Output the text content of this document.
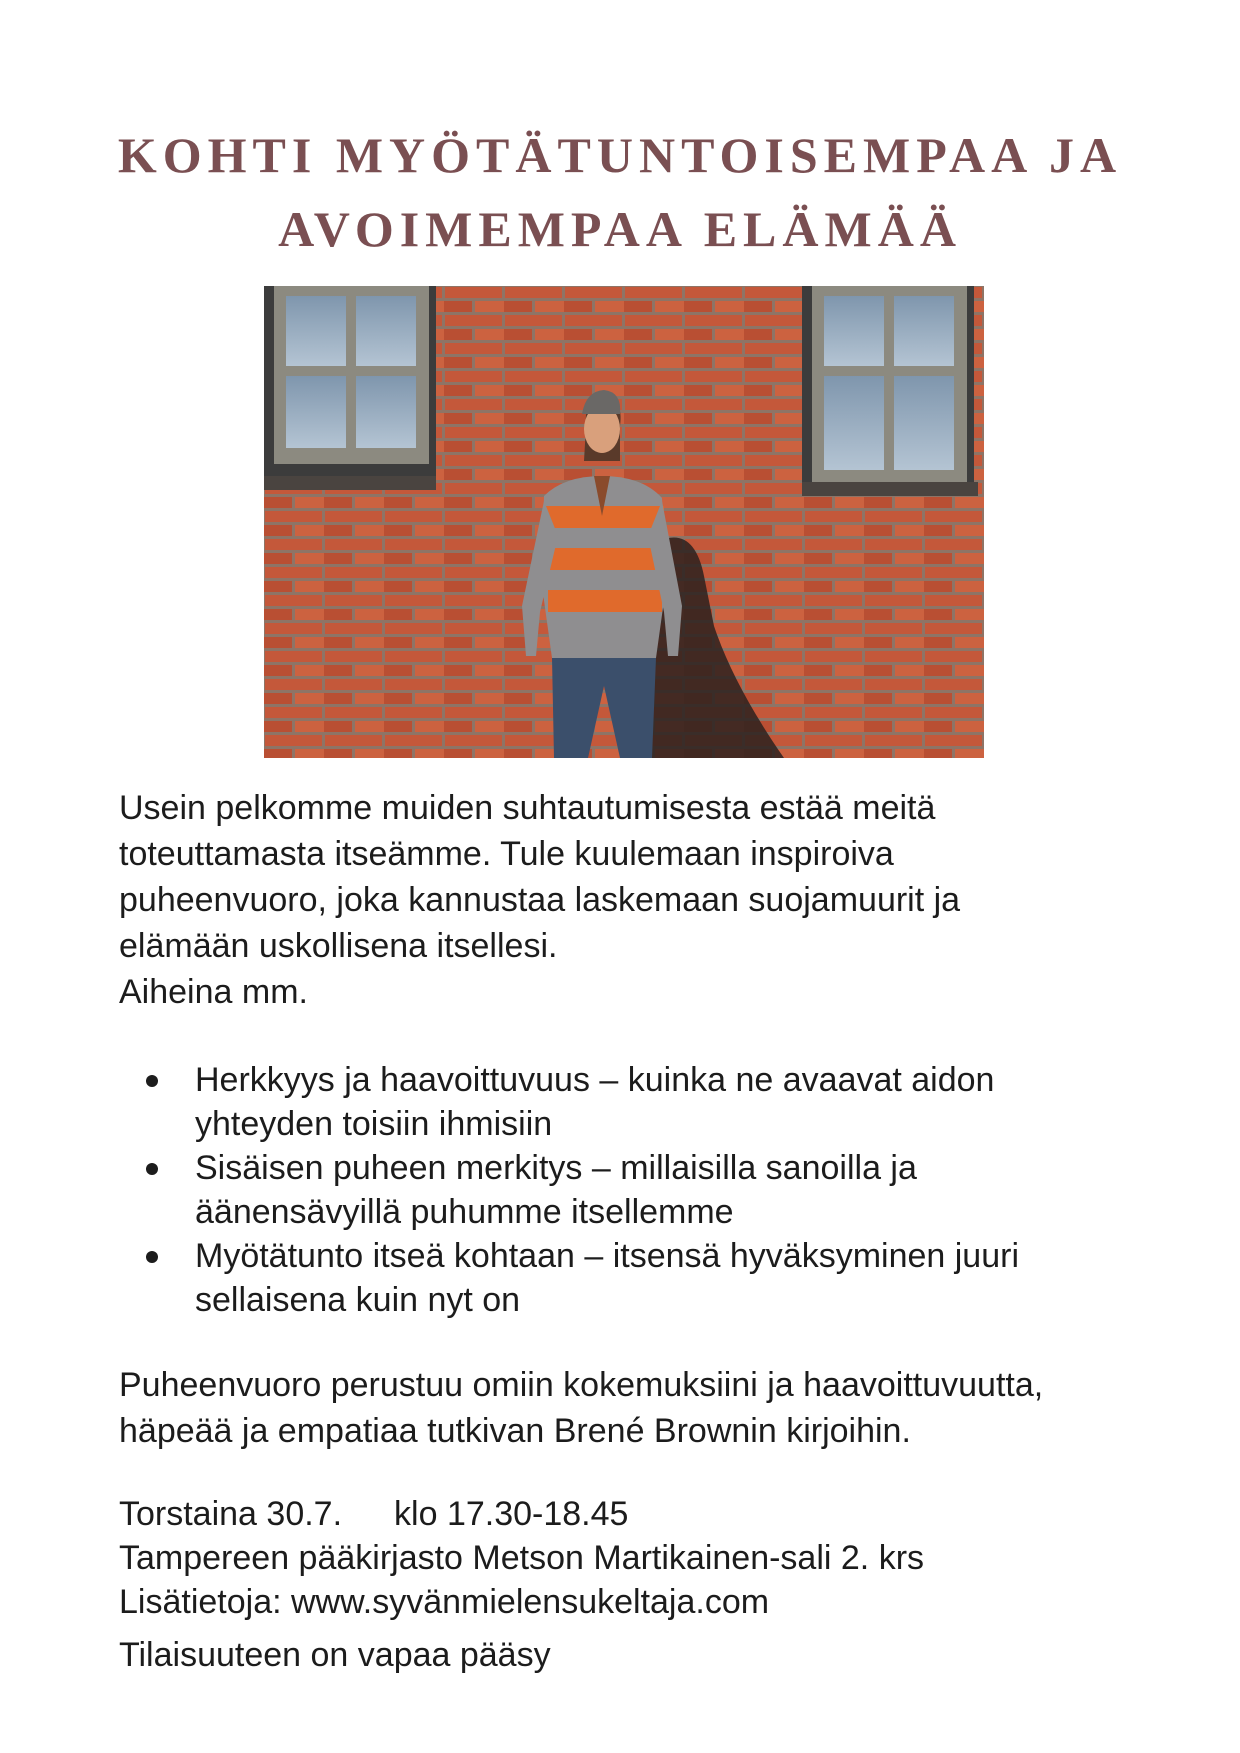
KOHTI MYÖTÄTUNTOISEMPAA JA
AVOIMEMPAA ELÄMÄÄ
Usein pelkomme muiden suhtautumisesta estää meitä
toteuttamasta itseämme. Tule kuulemaan inspiroiva
puheenvuoro, joka kannustaa laskemaan suojamuurit ja
elämään uskollisena itsellesi.
Aiheina mm.
Herkkyys ja haavoittuvuus – kuinka ne avaavat aidon
yhteyden toisiin ihmisiin
Sisäisen puheen merkitys – millaisilla sanoilla ja
äänensävyillä puhumme itsellemme
Myötätunto itseä kohtaan – itsensä hyväksyminen juuri
sellaisena kuin nyt on
Puheenvuoro perustuu omiin kokemuksiini ja haavoittuvuutta,
häpeää ja empatiaa tutkivan Brené Brownin kirjoihin.
Torstaina 30.7. klo 17.30-18.45
Tampereen pääkirjasto Metson Martikainen-sali 2. krs
Lisätietoja: www.syvänmielensukeltaja.com
Tilaisuuteen on vapaa pääsy
